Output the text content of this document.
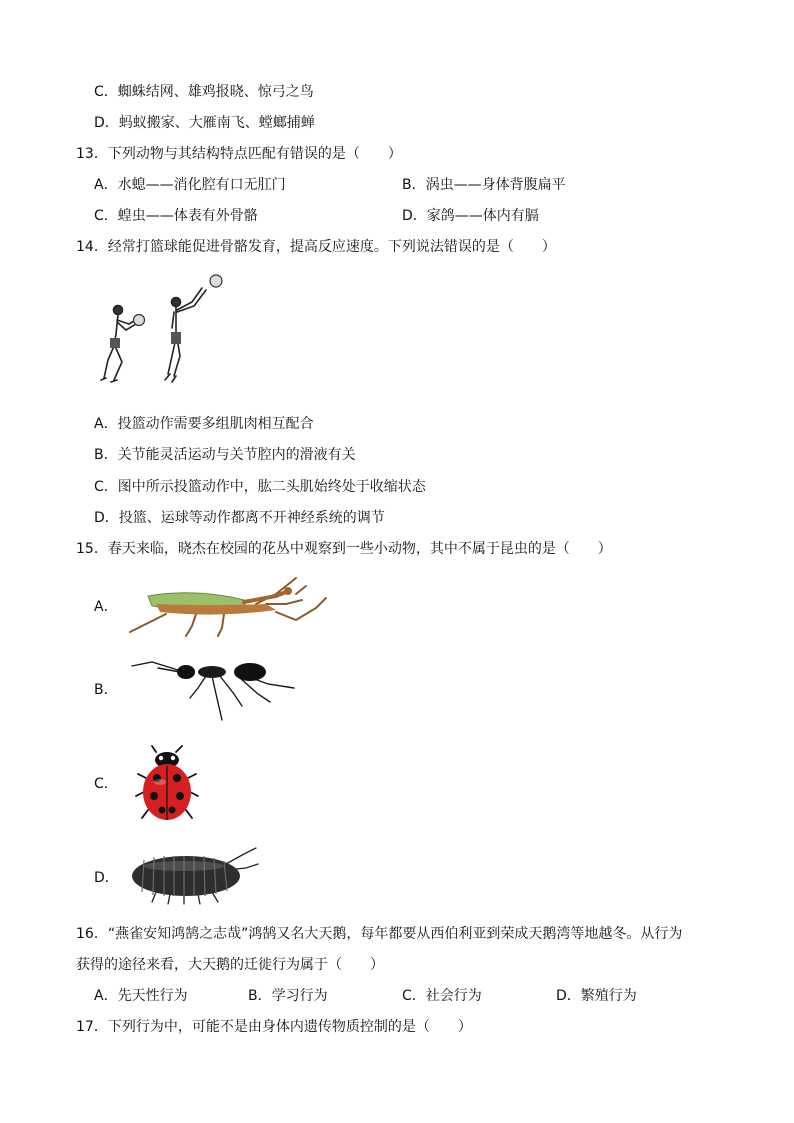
C．蜘蛛结网、雄鸡报晓、惊弓之鸟
D．蚂蚁搬家、大雁南飞、螳螂捕蝉
13．下列动物与其结构特点匹配有错误的是（　　）
A．水螅——消化腔有口无肛门	B．涡虫——身体背腹扁平
C．蝗虫——体表有外骨骼	D．家鸽——体内有膈
14．经常打篮球能促进骨骼发育，提高反应速度。下列说法错误的是（　　）
A．投篮动作需要多组肌肉相互配合
B．关节能灵活运动与关节腔内的滑液有关
C．图中所示投篮动作中，肱二头肌始终处于收缩状态
D．投篮、运球等动作都离不开神经系统的调节
15．春天来临，晓杰在校园的花丛中观察到一些小动物，其中不属于昆虫的是（　　）
A．
B．
C．
D．
16．“燕雀安知鸿鹄之志哉”鸿鹄又名大天鹅，每年都要从西伯利亚到荣成天鹅湾等地越冬。从行为
获得的途径来看，大天鹅的迁徙行为属于（　　）
A．先天性行为	B．学习行为	C．社会行为	D．繁殖行为
17．下列行为中，可能不是由身体内遗传物质控制的是（　　）
